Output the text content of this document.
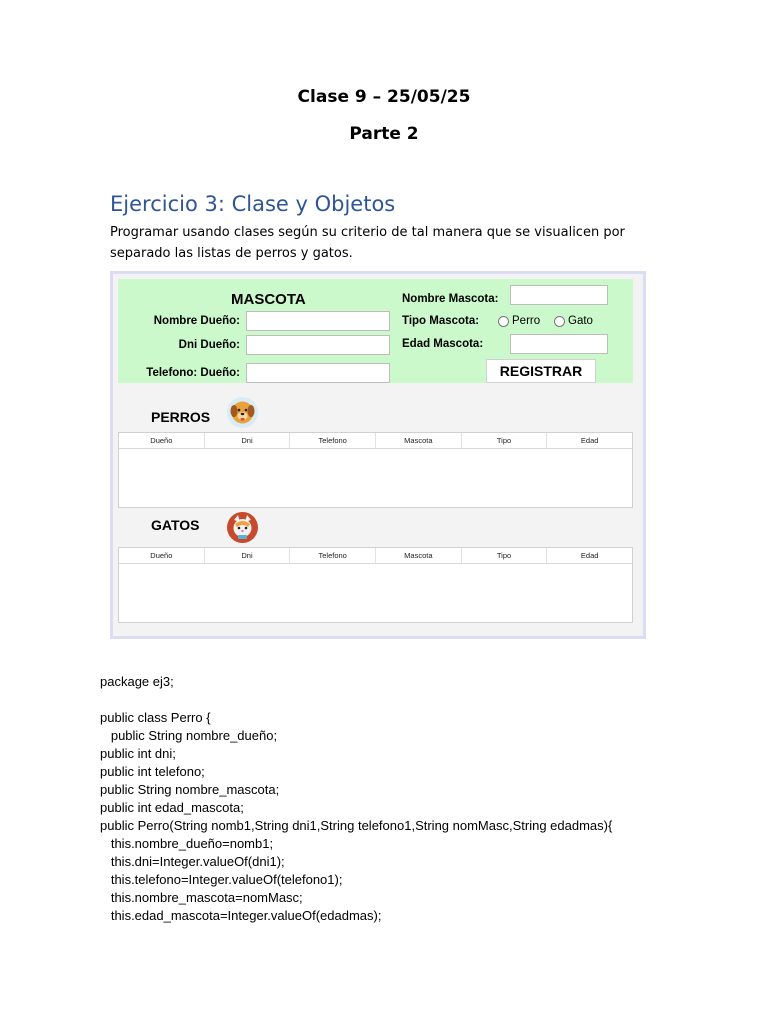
Clase 9 – 25/05/25
Parte 2
Ejercicio 3: Clase y Objetos
Programar usando clases según su criterio de tal manera que se visualicen por separado las listas de perros y gatos.
MASCOTA
Nombre Dueño:
Dni Dueño:
Telefono: Dueño:
Nombre Mascota:
Tipo Mascota:	Perro Gato
Edad Mascota:
REGISTRAR
PERROS
Dueño	Dni	Telefono	Mascota	Tipo	Edad
GATOS
Dueño	Dni	Telefono	Mascota	Tipo	Edad
package ej3;
public class Perro {
public String nombre_dueño;
public int dni;
public int telefono;
public String nombre_mascota;
public int edad_mascota;
public Perro(String nomb1,String dni1,String telefono1,String nomMasc,String edadmas){
this.nombre_dueño=nomb1;
this.dni=Integer.valueOf(dni1);
this.telefono=Integer.valueOf(telefono1);
this.nombre_mascota=nomMasc;
this.edad_mascota=Integer.valueOf(edadmas);
